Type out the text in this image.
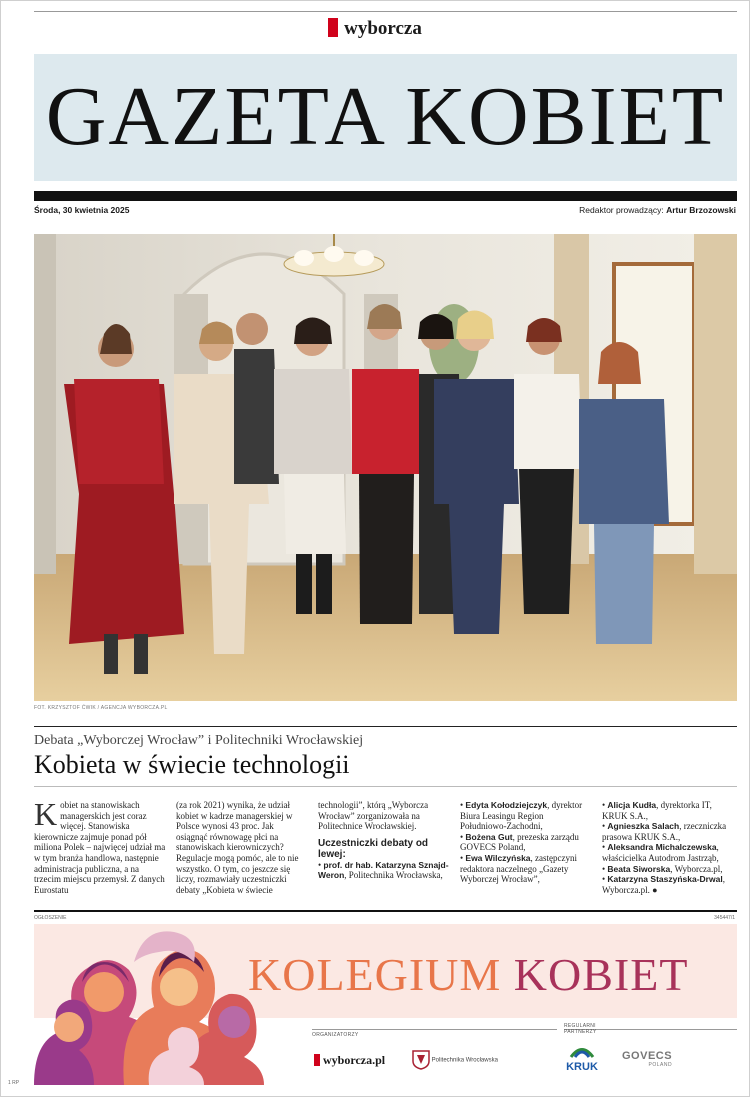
wyborcza
GAZETA KOBIET
Środa, 30 kwietnia 2025	Redaktor prowadzący: Artur Brzozowski
FOT. KRZYSZTOF ĆWIK / AGENCJA WYBORCZA.PL
Debata „Wyborczej Wrocław” i Politechniki Wrocławskiej
Kobieta w świecie technologii
Kobiet na stanowiskach managerskich jest coraz więcej. Stanowiska kierownicze zajmuje ponad pół miliona Polek – najwięcej udział ma w tym branża handlowa, następnie administracja publiczna, a na trzecim miejscu przemysł. Z danych Eurostatu
(za rok 2021) wynika, że udział kobiet w kadrze managerskiej w Polsce wynosi 43 proc. Jak osiągnąć równowagę płci na stanowiskach kierowniczych? Regulacje mogą pomóc, ale to nie wszystko. O tym, co jeszcze się liczy, rozmawiały uczestniczki debaty „Kobieta w świecie
technologii”, którą „Wyborcza Wrocław” zorganizowała na Politechnice Wrocławskiej.
Uczestniczki debaty od lewej:
• prof. dr hab. Katarzyna Sznajd-Weron, Politechnika Wrocławska,
• Edyta Kołodziejczyk, dyrektor Biura Leasingu Region Południowo-Zachodni,
• Bożena Gut, prezeska zarządu GOVECS Poland,
• Ewa Wilczyńska, zastępczyni redaktora naczelnego „Gazety Wyborczej Wrocław”,
• Alicja Kudła, dyrektorka IT, KRUK S.A.,
• Agnieszka Salach, rzeczniczka prasowa KRUK S.A.,
• Aleksandra Michalczewska, właścicielka Autodrom Jastrząb,
• Beata Siworska, Wyborcza.pl,
• Katarzyna Staszyńska-Drwal, Wyborcza.pl. ●
OGŁOSZENIE	345447/1
KOLEGIUM KOBIET
ORGANIZATORZY
REGULARNI PARTNERZY
wyborcza.pl	Politechnika Wrocławska
KRUK
GOVECS
POLAND
1 RP
